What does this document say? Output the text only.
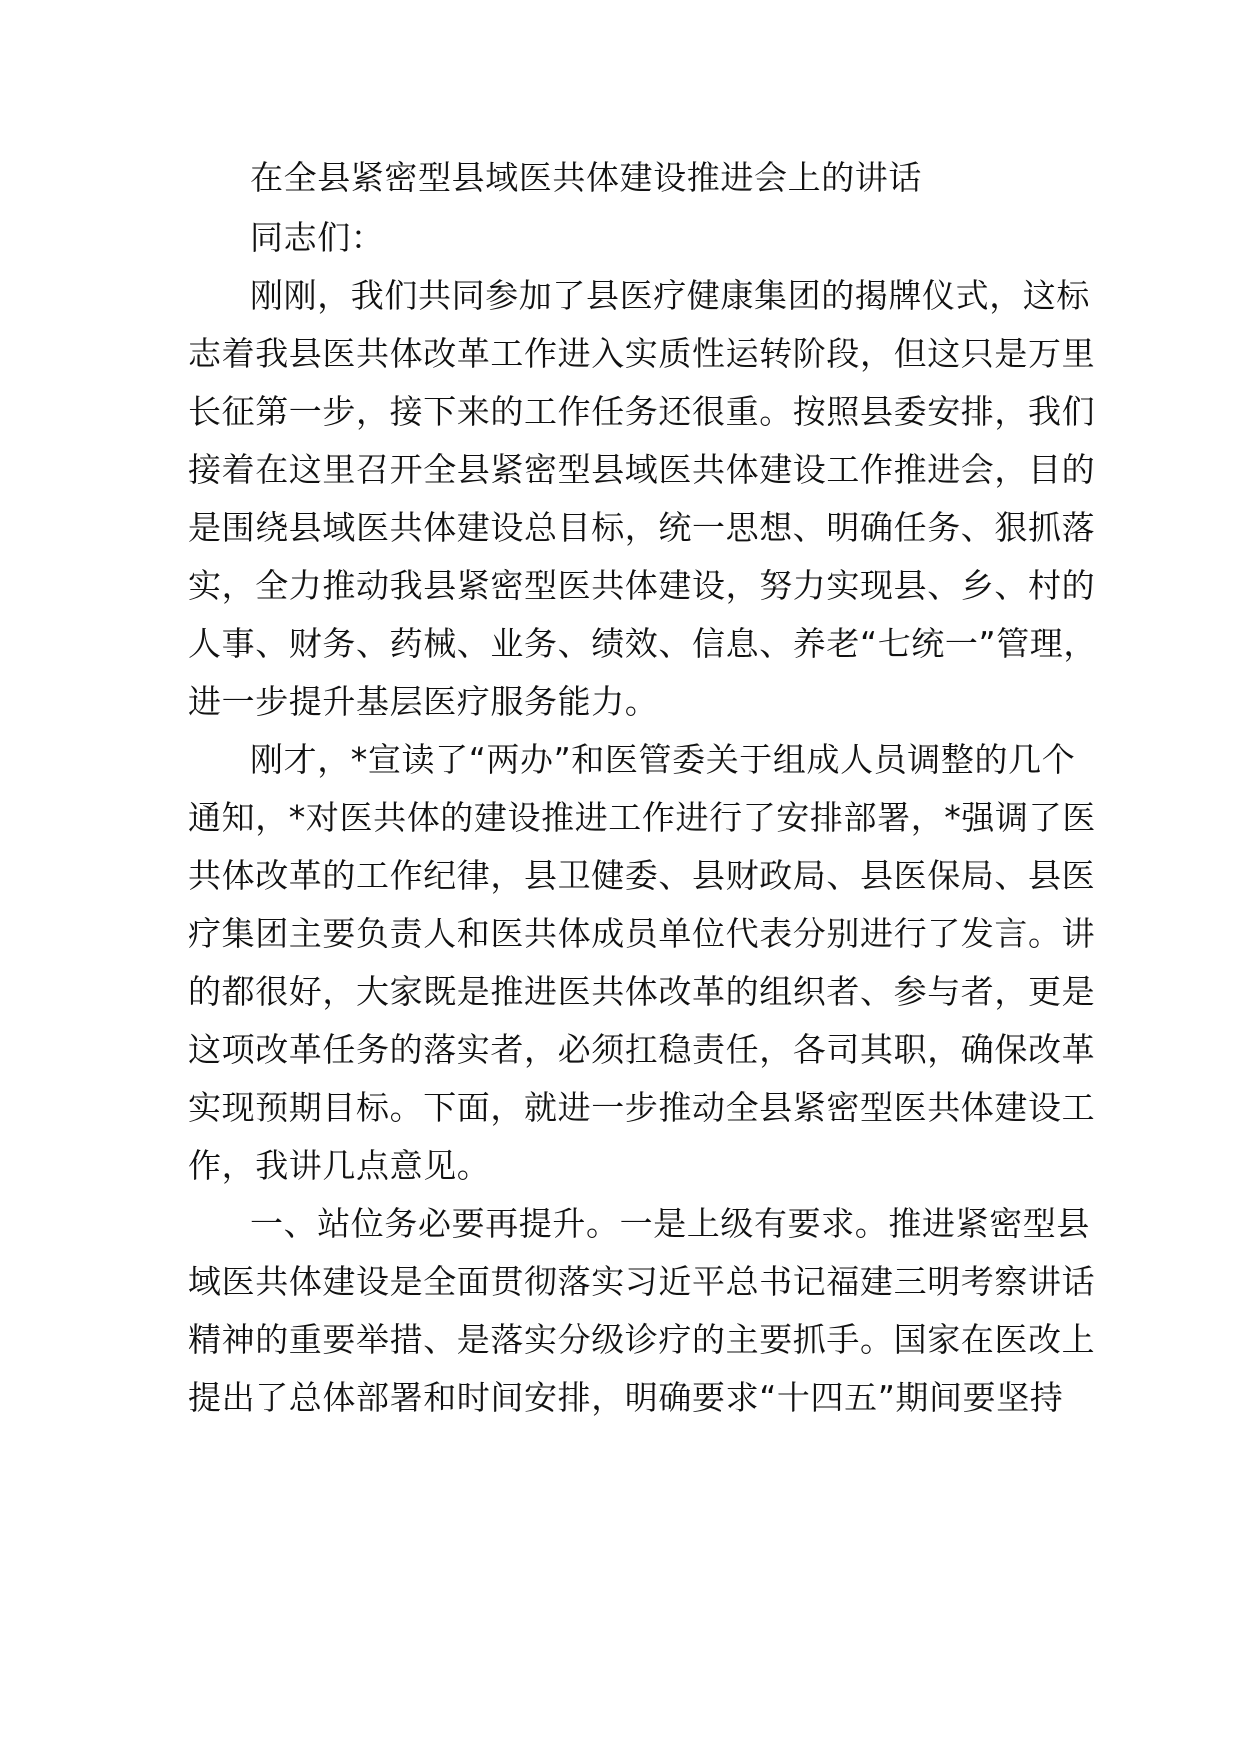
在全县紧密型县域医共体建设推进会上的讲话
同志们：
刚刚，我们共同参加了县医疗健康集团的揭牌仪式，这标
志着我县医共体改革工作进入实质性运转阶段，但这只是万里
长征第一步，接下来的工作任务还很重。按照县委安排，我们
接着在这里召开全县紧密型县域医共体建设工作推进会，目的
是围绕县域医共体建设总目标，统一思想、明确任务、狠抓落
实，全力推动我县紧密型医共体建设，努力实现县、乡、村的
人事、财务、药械、业务、绩效、信息、养老“七统一”管理，
进一步提升基层医疗服务能力。
刚才，*宣读了“两办”和医管委关于组成人员调整的几个
通知，*对医共体的建设推进工作进行了安排部署，*强调了医
共体改革的工作纪律，县卫健委、县财政局、县医保局、县医
疗集团主要负责人和医共体成员单位代表分别进行了发言。讲
的都很好，大家既是推进医共体改革的组织者、参与者，更是
这项改革任务的落实者，必须扛稳责任，各司其职，确保改革
实现预期目标。下面，就进一步推动全县紧密型医共体建设工
作，我讲几点意见。
一、站位务必要再提升。一是上级有要求。推进紧密型县
域医共体建设是全面贯彻落实习近平总书记福建三明考察讲话
精神的重要举措、是落实分级诊疗的主要抓手。国家在医改上
提出了总体部署和时间安排，明确要求“十四五”期间要坚持
